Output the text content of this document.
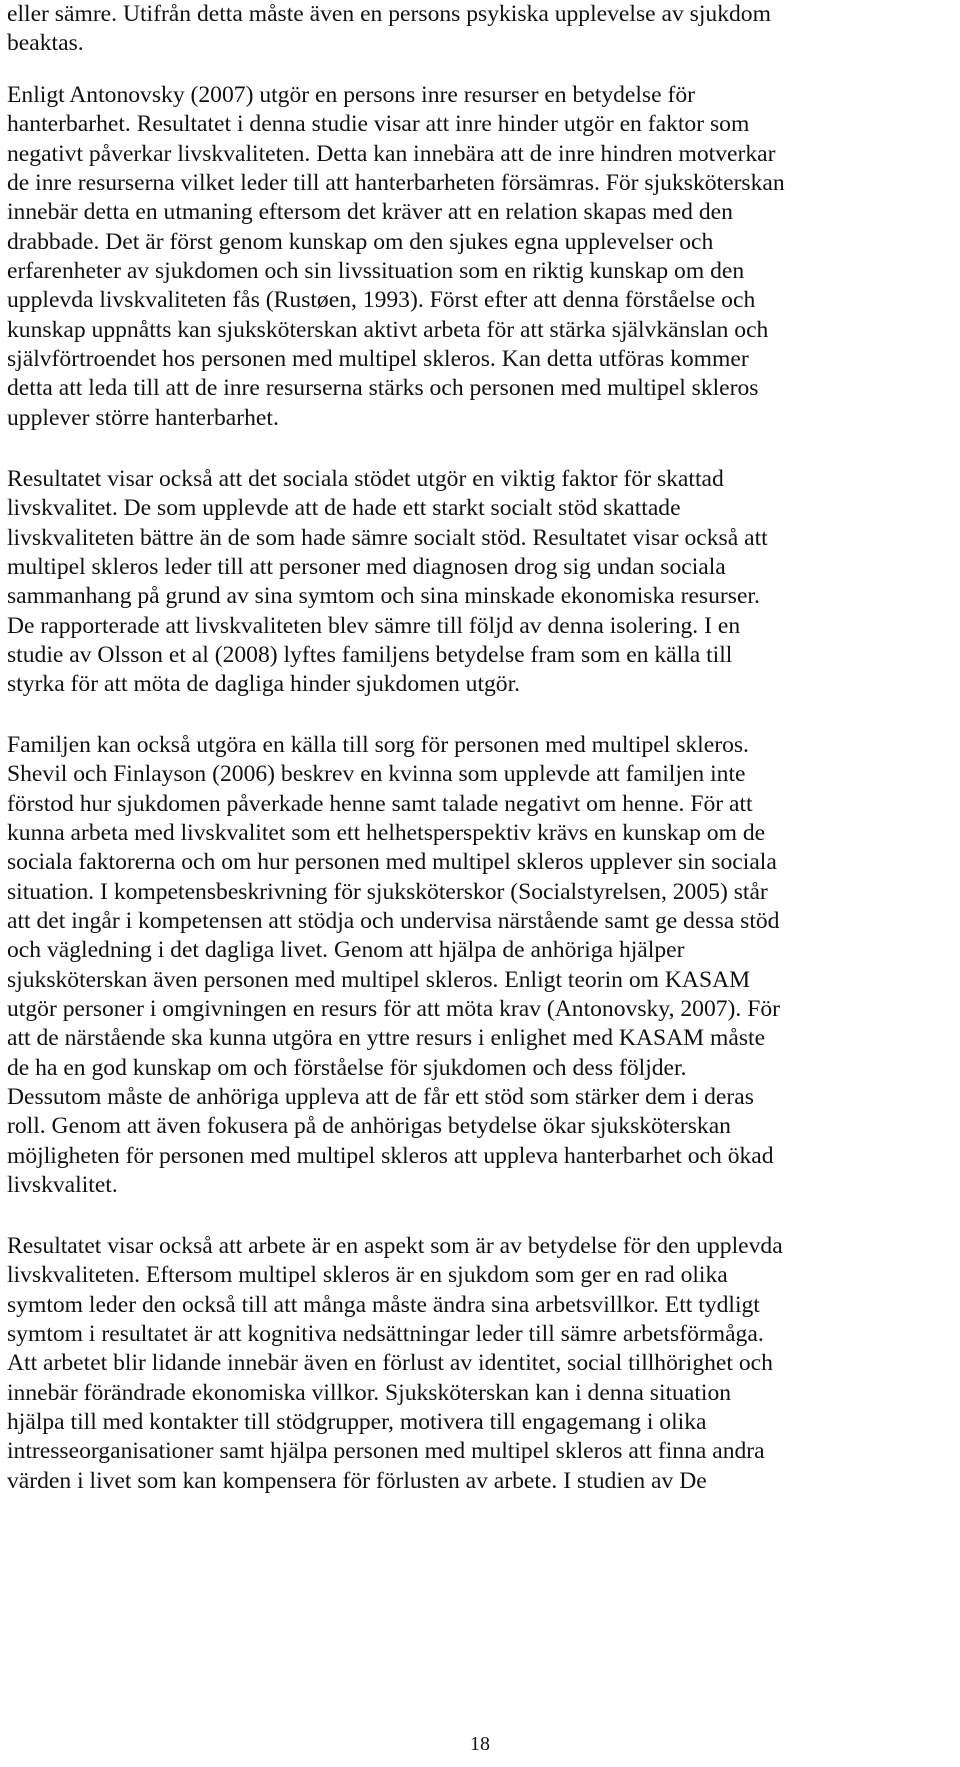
eller sämre. Utifrån detta måste även en persons psykiska upplevelse av sjukdom
beaktas.
Enligt Antonovsky (2007) utgör en persons inre resurser en betydelse för
hanterbarhet. Resultatet i denna studie visar att inre hinder utgör en faktor som
negativt påverkar livskvaliteten. Detta kan innebära att de inre hindren motverkar
de inre resurserna vilket leder till att hanterbarheten försämras. För sjuksköterskan
innebär detta en utmaning eftersom det kräver att en relation skapas med den
drabbade. Det är först genom kunskap om den sjukes egna upplevelser och
erfarenheter av sjukdomen och sin livssituation som en riktig kunskap om den
upplevda livskvaliteten fås (Rustøen, 1993). Först efter att denna förståelse och
kunskap uppnåtts kan sjuksköterskan aktivt arbeta för att stärka självkänslan och
självförtroendet hos personen med multipel skleros. Kan detta utföras kommer
detta att leda till att de inre resurserna stärks och personen med multipel skleros
upplever större hanterbarhet.
Resultatet visar också att det sociala stödet utgör en viktig faktor för skattad
livskvalitet. De som upplevde att de hade ett starkt socialt stöd skattade
livskvaliteten bättre än de som hade sämre socialt stöd. Resultatet visar också att
multipel skleros leder till att personer med diagnosen drog sig undan sociala
sammanhang på grund av sina symtom och sina minskade ekonomiska resurser.
De rapporterade att livskvaliteten blev sämre till följd av denna isolering. I en
studie av Olsson et al (2008) lyftes familjens betydelse fram som en källa till
styrka för att möta de dagliga hinder sjukdomen utgör.
Familjen kan också utgöra en källa till sorg för personen med multipel skleros.
Shevil och Finlayson (2006) beskrev en kvinna som upplevde att familjen inte
förstod hur sjukdomen påverkade henne samt talade negativt om henne. För att
kunna arbeta med livskvalitet som ett helhetsperspektiv krävs en kunskap om de
sociala faktorerna och om hur personen med multipel skleros upplever sin sociala
situation. I kompetensbeskrivning för sjuksköterskor (Socialstyrelsen, 2005) står
att det ingår i kompetensen att stödja och undervisa närstående samt ge dessa stöd
och vägledning i det dagliga livet. Genom att hjälpa de anhöriga hjälper
sjuksköterskan även personen med multipel skleros. Enligt teorin om KASAM
utgör personer i omgivningen en resurs för att möta krav (Antonovsky, 2007). För
att de närstående ska kunna utgöra en yttre resurs i enlighet med KASAM måste
de ha en god kunskap om och förståelse för sjukdomen och dess följder.
Dessutom måste de anhöriga uppleva att de får ett stöd som stärker dem i deras
roll. Genom att även fokusera på de anhörigas betydelse ökar sjuksköterskan
möjligheten för personen med multipel skleros att uppleva hanterbarhet och ökad
livskvalitet.
Resultatet visar också att arbete är en aspekt som är av betydelse för den upplevda
livskvaliteten. Eftersom multipel skleros är en sjukdom som ger en rad olika
symtom leder den också till att många måste ändra sina arbetsvillkor. Ett tydligt
symtom i resultatet är att kognitiva nedsättningar leder till sämre arbetsförmåga.
Att arbetet blir lidande innebär även en förlust av identitet, social tillhörighet och
innebär förändrade ekonomiska villkor. Sjuksköterskan kan i denna situation
hjälpa till med kontakter till stödgrupper, motivera till engagemang i olika
intresseorganisationer samt hjälpa personen med multipel skleros att finna andra
värden i livet som kan kompensera för förlusten av arbete. I studien av De
18
